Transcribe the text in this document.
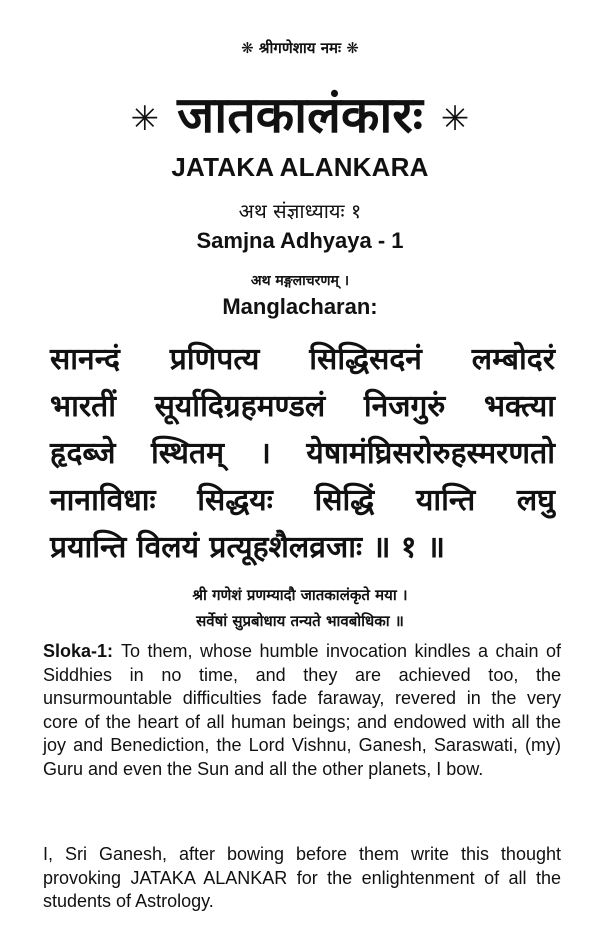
❋ श्रीगणेशाय नमः ❋
✳ जातकालंकारः ✳
JATAKA ALANKARA
अथ संज्ञाध्यायः १
Samjna Adhyaya - 1
अथ मङ्गलाचरणम् ।
Manglacharan:
सानन्दं प्रणिपत्य सिद्धिसदनं लम्बोदरं
भारतीं सूर्यादिग्रहमण्डलं निजगुरुं भक्त्या
हृदब्जे स्थितम् । येषामंघ्रिसरोरुहस्मरणतो
नानाविधाः सिद्धयः सिद्धिं यान्ति लघु
प्रयान्ति विलयं प्रत्यूहशैलव्रजाः ॥ १ ॥
श्री गणेशं प्रणम्यादौ जातकालंकृते मया ।
सर्वेषां सुप्रबोधाय तन्यते भावबोधिका ॥
Sloka-1: To them, whose humble invocation kindles a chain of Siddhies in no time, and they are achieved too, the unsurmountable difficulties fade faraway, revered in the very core of the heart of all human beings; and endowed with all the joy and Benediction, the Lord Vishnu, Ganesh, Saraswati, (my) Guru and even the Sun and all the other planets, I bow.
I, Sri Ganesh, after bowing before them write this thought provoking JATAKA ALANKAR for the enlightenment of all the students of Astrology.
